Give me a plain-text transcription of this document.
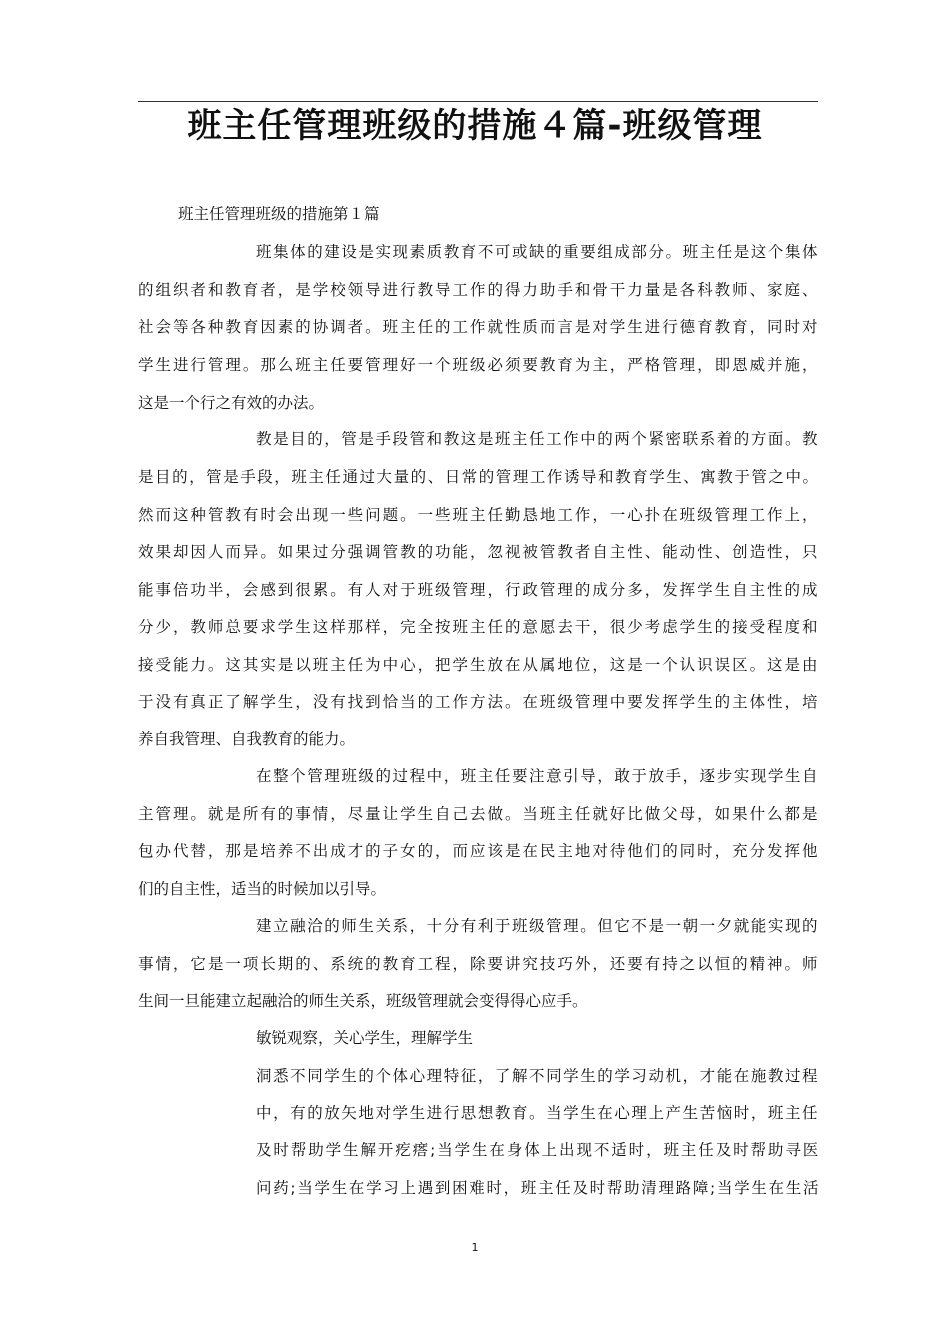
班主任管理班级的措施４篇-班级管理
班主任管理班级的措施第１篇
班集体的建设是实现素质教育不可或缺的重要组成部分。班主任是这个集体
的组织者和教育者，是学校领导进行教导工作的得力助手和骨干力量是各科教师、家庭、
社会等各种教育因素的协调者。班主任的工作就性质而言是对学生进行德育教育，同时对
学生进行管理。那么班主任要管理好一个班级必须要教育为主，严格管理，即恩威并施，
这是一个行之有效的办法。
教是目的，管是手段管和教这是班主任工作中的两个紧密联系着的方面。教
是目的，管是手段，班主任通过大量的、日常的管理工作诱导和教育学生、寓教于管之中。
然而这种管教有时会出现一些问题。一些班主任勤恳地工作，一心扑在班级管理工作上，
效果却因人而异。如果过分强调管教的功能，忽视被管教者自主性、能动性、创造性，只
能事倍功半，会感到很累。有人对于班级管理，行政管理的成分多，发挥学生自主性的成
分少，教师总要求学生这样那样，完全按班主任的意愿去干，很少考虑学生的接受程度和
接受能力。这其实是以班主任为中心，把学生放在从属地位，这是一个认识误区。这是由
于没有真正了解学生，没有找到恰当的工作方法。在班级管理中要发挥学生的主体性，培
养自我管理、自我教育的能力。
在整个管理班级的过程中，班主任要注意引导，敢于放手，逐步实现学生自
主管理。就是所有的事情，尽量让学生自己去做。当班主任就好比做父母，如果什么都是
包办代替，那是培养不出成才的子女的，而应该是在民主地对待他们的同时，充分发挥他
们的自主性，适当的时候加以引导。
建立融洽的师生关系，十分有利于班级管理。但它不是一朝一夕就能实现的
事情，它是一项长期的、系统的教育工程，除要讲究技巧外，还要有持之以恒的精神。师
生间一旦能建立起融洽的师生关系，班级管理就会变得得心应手。
敏锐观察，关心学生，理解学生
洞悉不同学生的个体心理特征，了解不同学生的学习动机，才能在施教过程
中，有的放矢地对学生进行思想教育。当学生在心理上产生苦恼时，班主任
及时帮助学生解开疙瘩;当学生在身体上出现不适时，班主任及时帮助寻医
问药;当学生在学习上遇到困难时，班主任及时帮助清理路障;当学生在生活
1
